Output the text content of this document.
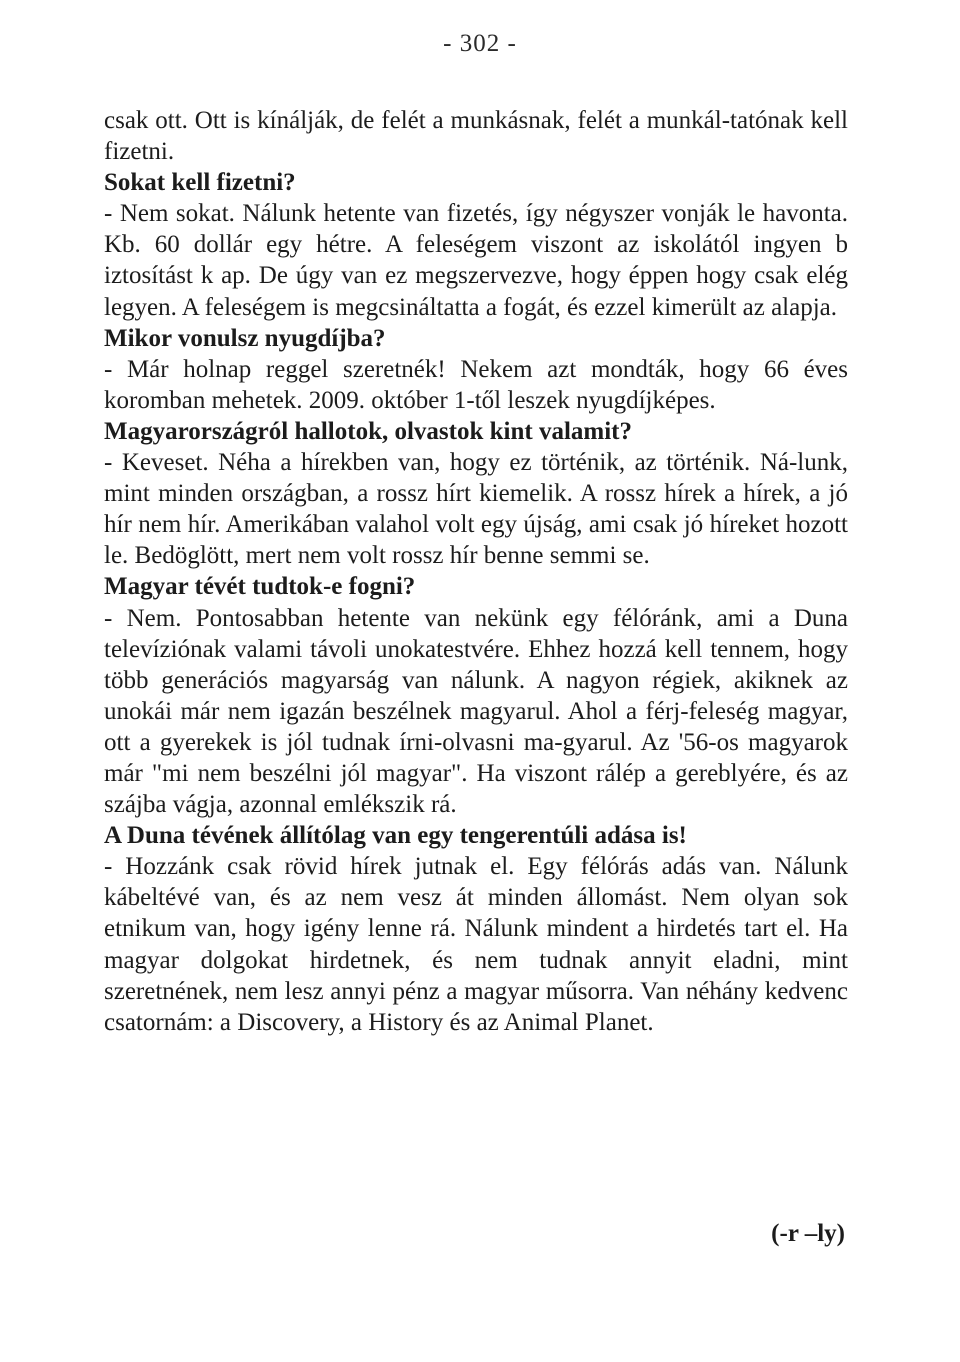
- 302 -

csak ott. Ott is kínálják, de felét a munkásnak, felét a munkál-tatónak kell fizetni.

Sokat kell fizetni?

- Nem sokat. Nálunk hetente van fizetés, így négyszer vonják le havonta. Kb. 60 dollár egy hétre. A feleségem viszont az iskolától ingyen b iztosítást k ap. De úgy van ez megszervezve, hogy éppen hogy csak elég legyen. A feleségem is megcsináltatta a fogát, és ezzel kimerült az alapja.

Mikor vonulsz nyugdíjba?

- Már holnap reggel szeretnék! Nekem azt mondták, hogy 66 éves koromban mehetek. 2009. október 1-től leszek nyugdíjképes.

Magyarországról hallotok, olvastok kint valamit?

- Keveset. Néha a hírekben van, hogy ez történik, az történik. Ná-lunk, mint minden országban, a rossz hírt kiemelik. A rossz hírek a hírek, a jó hír nem hír. Amerikában valahol volt egy újság, ami csak jó híreket hozott le. Bedöglött, mert nem volt rossz hír benne semmi se.

Magyar tévét tudtok-e fogni?

- Nem. Pontosabban hetente van nekünk egy félóránk, ami a Duna televíziónak valami távoli unokatestvére. Ehhez hozzá kell tennem, hogy több generációs magyarság van nálunk. A nagyon régiek, akiknek az unokái már nem igazán beszélnek magyarul. Ahol a férj-feleség magyar, ott a gyerekek is jól tudnak írni-olvasni ma-gyarul. Az '56-os magyarok már "mi nem beszélni jól magyar". Ha viszont rálép a gereblyére, és az szájba vágja, azonnal emlékszik rá.

A Duna tévének állítólag van egy tengerentúli adása is!

- Hozzánk csak rövid hírek jutnak el. Egy félórás adás van. Nálunk kábeltévé van, és az nem vesz át minden állomást. Nem olyan sok etnikum van, hogy igény lenne rá. Nálunk mindent a hirdetés tart el. Ha magyar dolgokat hirdetnek, és nem tudnak annyit eladni, mint szeretnének, nem lesz annyi pénz a magyar műsorra. Van néhány kedvenc csatornám: a Discovery, a History és az Animal Planet.

(-r –ly)
